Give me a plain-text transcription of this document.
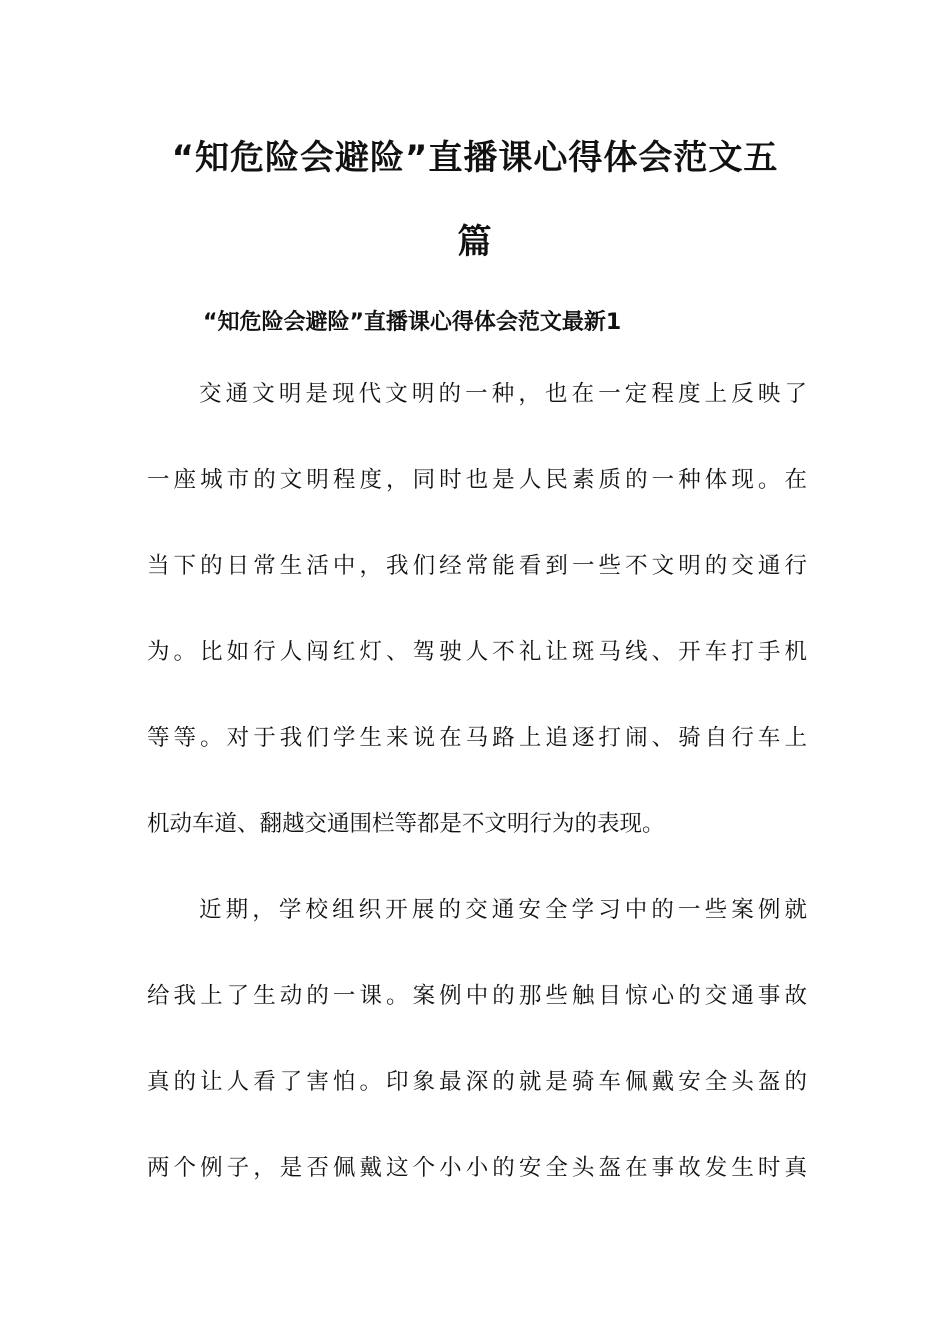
“知危险会避险”直播课心得体会范文五
篇
“知危险会避险”直播课心得体会范文最新1
交通文明是现代文明的一种，也在一定程度上反映了
一座城市的文明程度，同时也是人民素质的一种体现。在
当下的日常生活中，我们经常能看到一些不文明的交通行
为。比如行人闯红灯、驾驶人不礼让斑马线、开车打手机
等等。对于我们学生来说在马路上追逐打闹、骑自行车上
机动车道、翻越交通围栏等都是不文明行为的表现。
近期，学校组织开展的交通安全学习中的一些案例就
给我上了生动的一课。案例中的那些触目惊心的交通事故
真的让人看了害怕。印象最深的就是骑车佩戴安全头盔的
两个例子，是否佩戴这个小小的安全头盔在事故发生时真
